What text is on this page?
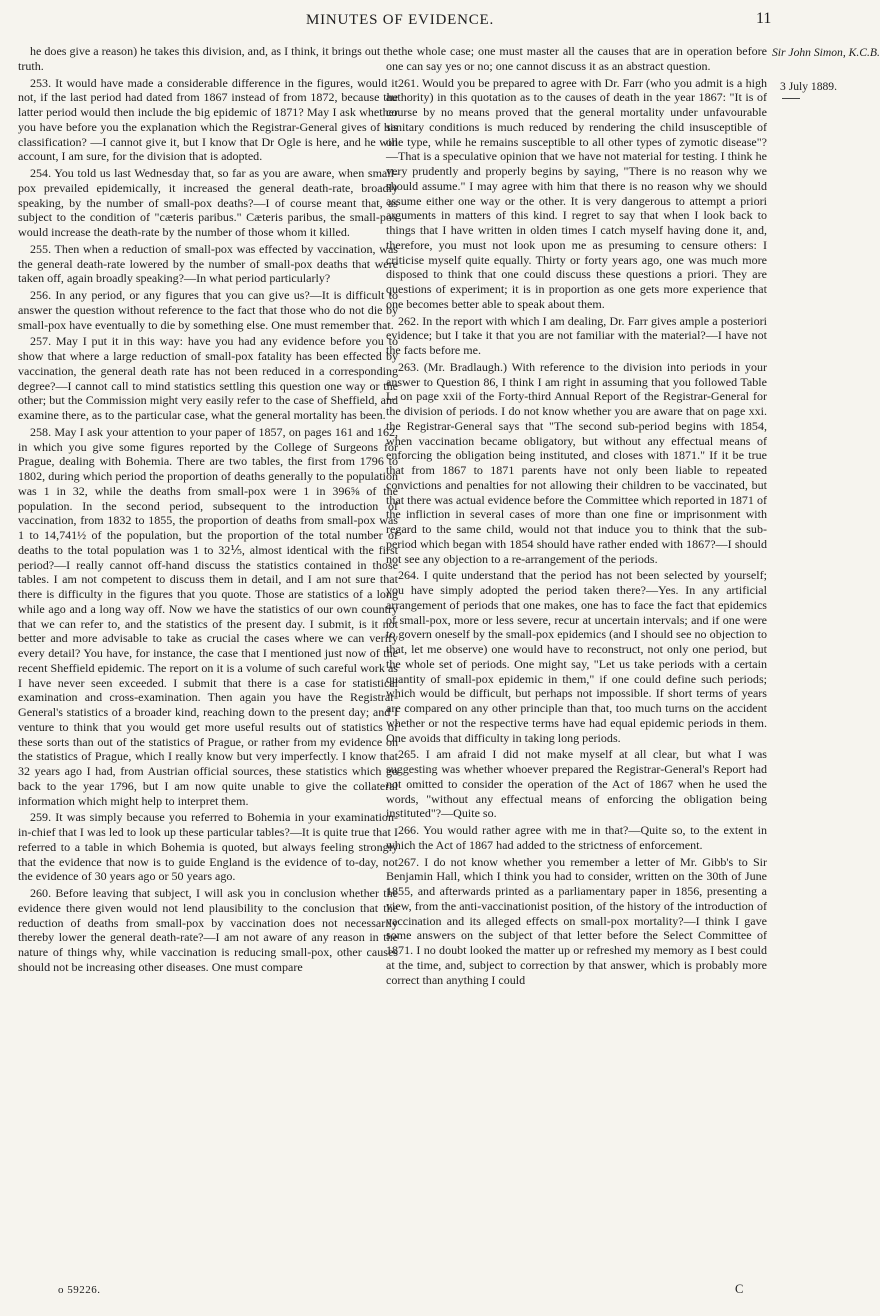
MINUTES OF EVIDENCE.	11

he does give a reason) he takes this division, and, as I think, it brings out the truth.

253. It would have made a considerable difference in the figures, would it not, if the last period had dated from 1867 instead of from 1872, because the latter period would then include the big epidemic of 1871? May I ask whether you have before you the explanation which the Registrar-General gives of his classification? —I cannot give it, but I know that Dr Ogle is here, and he will account, I am sure, for the division that is adopted.

254. You told us last Wednesday that, so far as you are aware, when small-pox prevailed epidemically, it increased the general death-rate, broadly speaking, by the number of small-pox deaths?—I of course meant that, as subject to the condition of "cæteris paribus." Cæteris paribus, the small-pox would increase the death-rate by the number of those whom it killed.

255. Then when a reduction of small-pox was effected by vaccination, was the general death-rate lowered by the number of small-pox deaths that were taken off, again broadly speaking?—In what period particularly?

256. In any period, or any figures that you can give us?—It is difficult to answer the question without reference to the fact that those who do not die by small-pox have eventually to die by something else. One must remember that.

257. May I put it in this way: have you had any evidence before you to show that where a large reduction of small-pox fatality has been effected by vaccination, the general death rate has not been reduced in a corresponding degree?—I cannot call to mind statistics settling this question one way or the other; but the Commission might very easily refer to the case of Sheffield, and examine there, as to the particular case, what the general mortality has been.

258. May I ask your attention to your paper of 1857, on pages 161 and 162, in which you give some figures reported by the College of Surgeons for Prague, dealing with Bohemia. There are two tables, the first from 1796 to 1802, during which period the proportion of deaths generally to the population was 1 in 32, while the deaths from small-pox were 1 in 396⅝ of the population. In the second period, subsequent to the introduction of vaccination, from 1832 to 1855, the proportion of deaths from small-pox was 1 to 14,741½ of the population, but the proportion of the total number of deaths to the total population was 1 to 32⅕, almost identical with the first period?—I really cannot off-hand discuss the statistics contained in those tables. I am not competent to discuss them in detail, and I am not sure that there is difficulty in the figures that you quote. Those are statistics of a long while ago and a long way off. Now we have the statistics of our own country that we can refer to, and the statistics of the present day. I submit, is it not better and more advisable to take as crucial the cases where we can verify every detail? You have, for instance, the case that I mentioned just now of the recent Sheffield epidemic. The report on it is a volume of such careful work as I have never seen exceeded. I submit that there is a case for statistical examination and cross-examination. Then again you have the Registrar-General's statistics of a broader kind, reaching down to the present day; and I venture to think that you would get more useful results out of statistics of these sorts than out of the statistics of Prague, or rather from my evidence on the statistics of Prague, which I really know but very imperfectly. I know that 32 years ago I had, from Austrian official sources, these statistics which go back to the year 1796, but I am now quite unable to give the collateral information which might help to interpret them.

259. It was simply because you referred to Bohemia in your examination-in-chief that I was led to look up these particular tables?—It is quite true that I referred to a table in which Bohemia is quoted, but always feeling strongly that the evidence that now is to guide England is the evidence of to-day, not the evidence of 30 years ago or 50 years ago.

260. Before leaving that subject, I will ask you in conclusion whether the evidence there given would not lend plausibility to the conclusion that the reduction of deaths from small-pox by vaccination does not necessarily thereby lower the general death-rate?—I am not aware of any reason in the nature of things why, while vaccination is reducing small-pox, other causes should not be increasing other diseases. One must compare

the whole case; one must master all the causes that are in operation before one can say yes or no; one cannot discuss it as an abstract question.

261. Would you be prepared to agree with Dr. Farr (who you admit is a high authority) in this quotation as to the causes of death in the year 1867: "It is of course by no means proved that the general mortality under unfavourable sanitary conditions is much reduced by rendering the child insusceptible of one type, while he remains susceptible to all other types of zymotic disease"?—That is a speculative opinion that we have not material for testing. I think he very prudently and properly begins by saying, "There is no reason why we should assume." I may agree with him that there is no reason why we should assume either one way or the other. It is very dangerous to attempt a priori arguments in matters of this kind. I regret to say that when I look back to things that I have written in olden times I catch myself having done it, and, therefore, you must not look upon me as presuming to censure others: I criticise myself quite equally. Thirty or forty years ago, one was much more disposed to think that one could discuss these questions a priori. They are questions of experiment; it is in proportion as one gets more experience that one becomes better able to speak about them.

262. In the report with which I am dealing, Dr. Farr gives ample a posteriori evidence; but I take it that you are not familiar with the material?—I have not the facts before me.

263. (Mr. Bradlaugh.) With reference to the division into periods in your answer to Question 86, I think I am right in assuming that you followed Table L. on page xxii of the Forty-third Annual Report of the Registrar-General for the division of periods. I do not know whether you are aware that on page xxi. the Registrar-General says that "The second sub-period begins with 1854, when vaccination became obligatory, but without any effectual means of enforcing the obligation being instituted, and closes with 1871." If it be true that from 1867 to 1871 parents have not only been liable to repeated convictions and penalties for not allowing their children to be vaccinated, but that there was actual evidence before the Committee which reported in 1871 of the infliction in several cases of more than one fine or imprisonment with regard to the same child, would not that induce you to think that the sub-period which began with 1854 should have rather ended with 1867?—I should not see any objection to a re-arrangement of the periods.

264. I quite understand that the period has not been selected by yourself; you have simply adopted the period taken there?—Yes. In any artificial arrangement of periods that one makes, one has to face the fact that epidemics of small-pox, more or less severe, recur at uncertain intervals; and if one were to govern oneself by the small-pox epidemics (and I should see no objection to that, let me observe) one would have to reconstruct, not only one period, but the whole set of periods. One might say, "Let us take periods with a certain quantity of small-pox epidemic in them," if one could define such periods; which would be difficult, but perhaps not impossible. If short terms of years are compared on any other principle than that, too much turns on the accident whether or not the respective terms have had equal epidemic periods in them. One avoids that difficulty in taking long periods.

265. I am afraid I did not make myself at all clear, but what I was suggesting was whether whoever prepared the Registrar-General's Report had not omitted to consider the operation of the Act of 1867 when he used the words, "without any effectual means of enforcing the obligation being instituted"?—Quite so.

266. You would rather agree with me in that?—Quite so, to the extent in which the Act of 1867 had added to the strictness of enforcement.

267. I do not know whether you remember a letter of Mr. Gibb's to Sir Benjamin Hall, which I think you had to consider, written on the 30th of June 1855, and afterwards printed as a parliamentary paper in 1856, presenting a view, from the anti-vaccinationist position, of the history of the introduction of vaccination and its alleged effects on small-pox mortality?—I think I gave some answers on the subject of that letter before the Select Committee of 1871. I no doubt looked the matter up or refreshed my memory as I best could at the time, and, subject to correction by that answer, which is probably more correct than anything I could

Sir John Simon, K.C.B.
3 July 1889.
o 59226.	C
